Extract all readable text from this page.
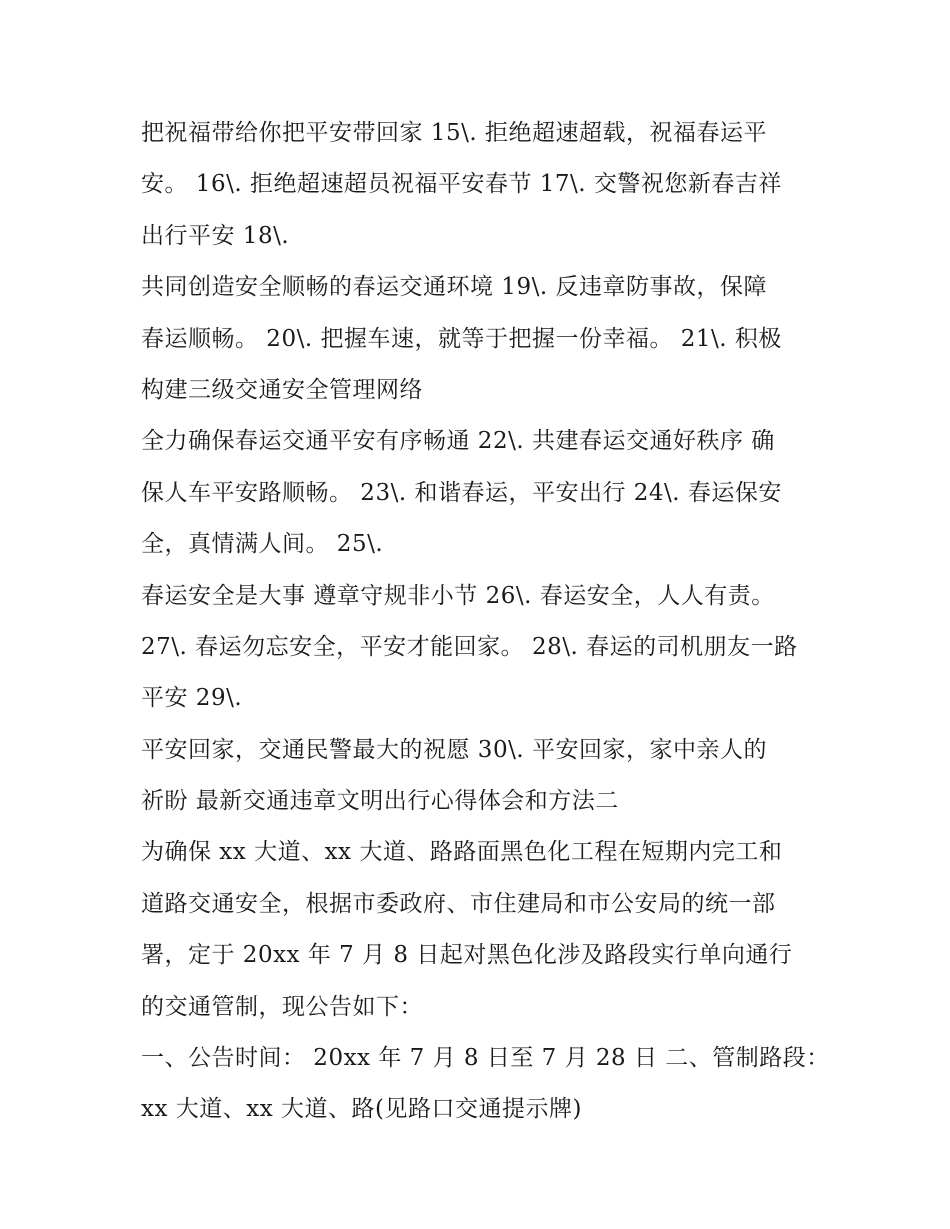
把祝福带给你把平安带回家 15\. 拒绝超速超载，祝福春运平
安。 16\. 拒绝超速超员祝福平安春节 17\. 交警祝您新春吉祥
出行平安 18\.
共同创造安全顺畅的春运交通环境 19\. 反违章防事故，保障
春运顺畅。 20\. 把握车速，就等于把握一份幸福。 21\. 积极
构建三级交通安全管理网络
全力确保春运交通平安有序畅通 22\. 共建春运交通好秩序 确
保人车平安路顺畅。 23\. 和谐春运，平安出行 24\. 春运保安
全，真情满人间。 25\.
春运安全是大事 遵章守规非小节 26\. 春运安全，人人有责。
27\. 春运勿忘安全，平安才能回家。 28\. 春运的司机朋友一路
平安 29\.
平安回家，交通民警最大的祝愿 30\. 平安回家，家中亲人的
祈盼 最新交通违章文明出行心得体会和方法二
为确保 xx 大道、xx 大道、路路面黑色化工程在短期内完工和
道路交通安全，根据市委政府、市住建局和市公安局的统一部
署，定于 20xx 年 7 月 8 日起对黑色化涉及路段实行单向通行
的交通管制，现公告如下：
一、公告时间： 20xx 年 7 月 8 日至 7 月 28 日 二、管制路段：
xx 大道、xx 大道、路(见路口交通提示牌)
